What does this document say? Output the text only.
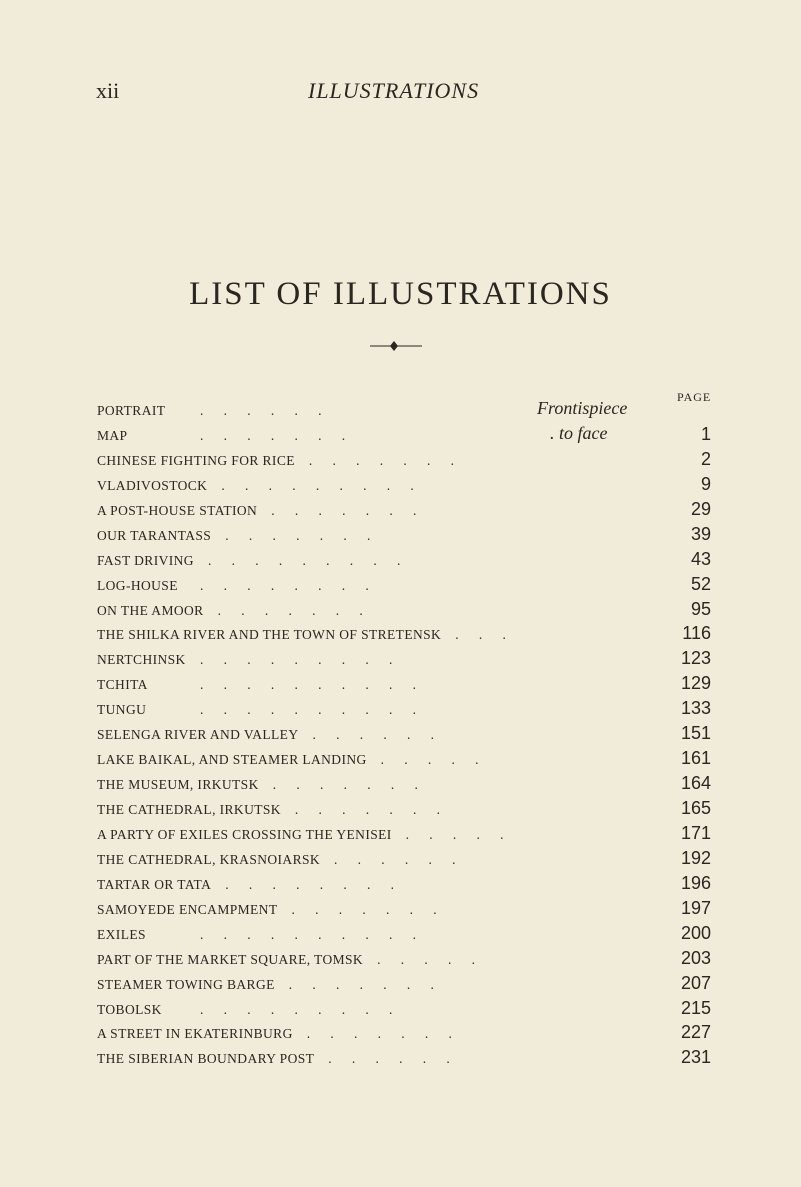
xii	ILLUSTRATIONS
LIST OF ILLUSTRATIONS
PAGE
PORTRAIT	.      .      .      .      .      .	Frontispiece
MAP	.      .      .      .      .      .      .	. to face	1
CHINESE FIGHTING FOR RICE .      .      .      .      .      .      .	2
VLADIVOSTOCK .      .      .      .      .      .      .      .      .	9
A POST-HOUSE STATION .      .      .      .      .      .      .	29
OUR TARANTASS .      .      .      .      .      .      .	39
FAST DRIVING .      .      .      .      .      .      .      .      .	43
LOG-HOUSE .      .      .      .      .      .      .      .	52
ON THE AMOOR .      .      .      .      .      .      .	95
THE SHILKA RIVER AND THE TOWN OF STRETENSK .      .      .	116
NERTCHINSK .      .      .      .      .      .      .      .      .	123
TCHITA	.      .      .      .      .      .      .      .      .      .	129
TUNGU	.      .      .      .      .      .      .      .      .      .	133
SELENGA RIVER AND VALLEY .      .      .      .      .      .	151
LAKE BAIKAL, AND STEAMER LANDING .      .      .      .      .	161
THE MUSEUM, IRKUTSK .      .      .      .      .      .      .	164
THE CATHEDRAL, IRKUTSK .      .      .      .      .      .      .	165
A PARTY OF EXILES CROSSING THE YENISEI .      .      .      .      .	171
THE CATHEDRAL, KRASNOIARSK .      .      .      .      .      .	192
TARTAR OR TATA .      .      .      .      .      .      .      .	196
SAMOYEDE ENCAMPMENT .      .      .      .      .      .      .	197
EXILES	.      .      .      .      .      .      .      .      .      .	200
PART OF THE MARKET SQUARE, TOMSK .      .      .      .      .	203
STEAMER TOWING BARGE .      .      .      .      .      .      .	207
TOBOLSK	.      .      .      .      .      .      .      .      .	215
A STREET IN EKATERINBURG .      .      .      .      .      .      .	227
THE SIBERIAN BOUNDARY POST .      .      .      .      .      .	231
